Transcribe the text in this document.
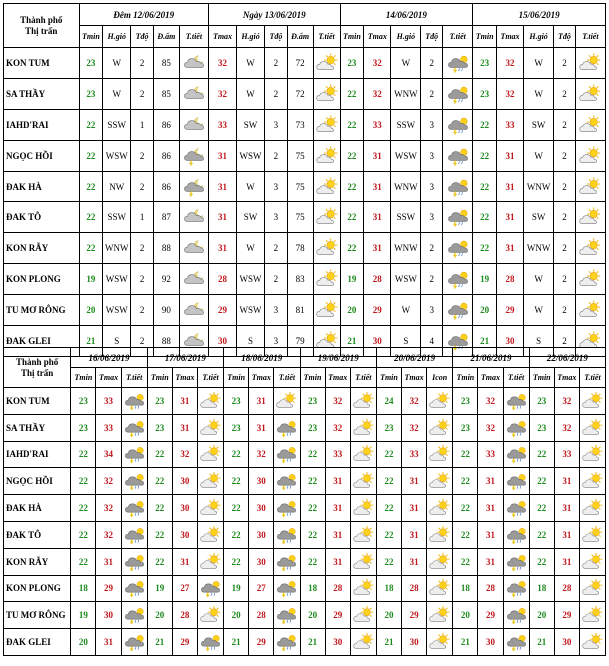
Thành phố
Thị trấn	Đêm 12/06/2019					Ngày 13/06/2019					14/06/2019					15/06/2019				
	Tmin	H.gió	Tđộ	Đ.ẩm	T.tiết	Tmax	H.gió	Tđộ	Đ.ẩm	T.tiết	Tmin	Tmax	H.gió	Tđộ	T.tiết	Tmin	Tmax	H.gió	Tđộ	T.tiết
KON TUM	23	W	2	85		32	W	2	72		23	32	W	2		23	32	W	2	

SA THẦY	23	W	2	85		32	W	2	72		22	32	WNW	2		23	32	W	2	

IAHD'RAI	22	SSW	1	86		33	SW	3	73		22	33	SSW	3		22	33	SW	2	

NGỌC HỒI	22	WSW	2	86		31	WSW	2	75		22	31	WSW	3		22	31	W	2	

ĐAK HÀ	22	NW	2	86		31	W	3	75		22	31	WNW	3		22	31	WNW	2	

ĐAK TÔ	22	SSW	1	87		31	SW	3	75		22	31	SSW	3		22	31	SW	2	

KON RẪY	22	WNW	2	88		31	W	2	78		22	31	WNW	2		22	31	WNW	2	

KON PLONG	19	WSW	2	92		28	WSW	2	83		19	28	WSW	2		19	28	W	2	

TU MƠ RÔNG	20	WSW	2	90		29	WSW	3	81		20	29	W	3		20	29	W	2	

ĐAK GLEI	21	S	2	88		30	S	3	79		21	30	S	4		21	30	S	2	
Thành phố
Thị trấn	16/06/2019			17/06/2019			18/06/2019			19/06/2019			20/06/2019			21/06/2019			22/06/2019		
	Tmin	Tmax	T.tiết	Tmin	Tmax	T.tiết	Tmin	Tmax	T.tiết	Tmin	Tmax	T.tiết	Tmin	Tmax	Icon	Tmin	Tmax	T.tiết	Tmin	Tmax	T.tiết
KON TUM	23	33		23	31		23	31		23	32		24	32		23	32		23	32	

SA THẦY	23	33		23	31		23	31		23	32		23	32		23	32		23	32	

IAHD'RAI	22	34		22	32		22	32		22	33		22	33		22	33		22	33	

NGỌC HỒI	22	32		22	30		22	30		22	31		22	31		22	31		22	31	

ĐAK HÀ	22	32		22	30		22	30		22	31		22	31		22	31		22	31	

ĐAK TÔ	22	32		22	30		22	30		22	31		22	31		22	31		22	31	

KON RẪY	22	31		22	31		22	30		22	31		22	31		22	31		22	31	

KON PLONG	18	29		19	27		19	27		18	28		18	28		18	28		18	28	

TU MƠ RÔNG	19	30		20	28		20	28		20	29		20	29		20	29		20	29	

ĐAK GLEI	20	31		21	29		21	29		21	30		21	30		21	30		21	30	
